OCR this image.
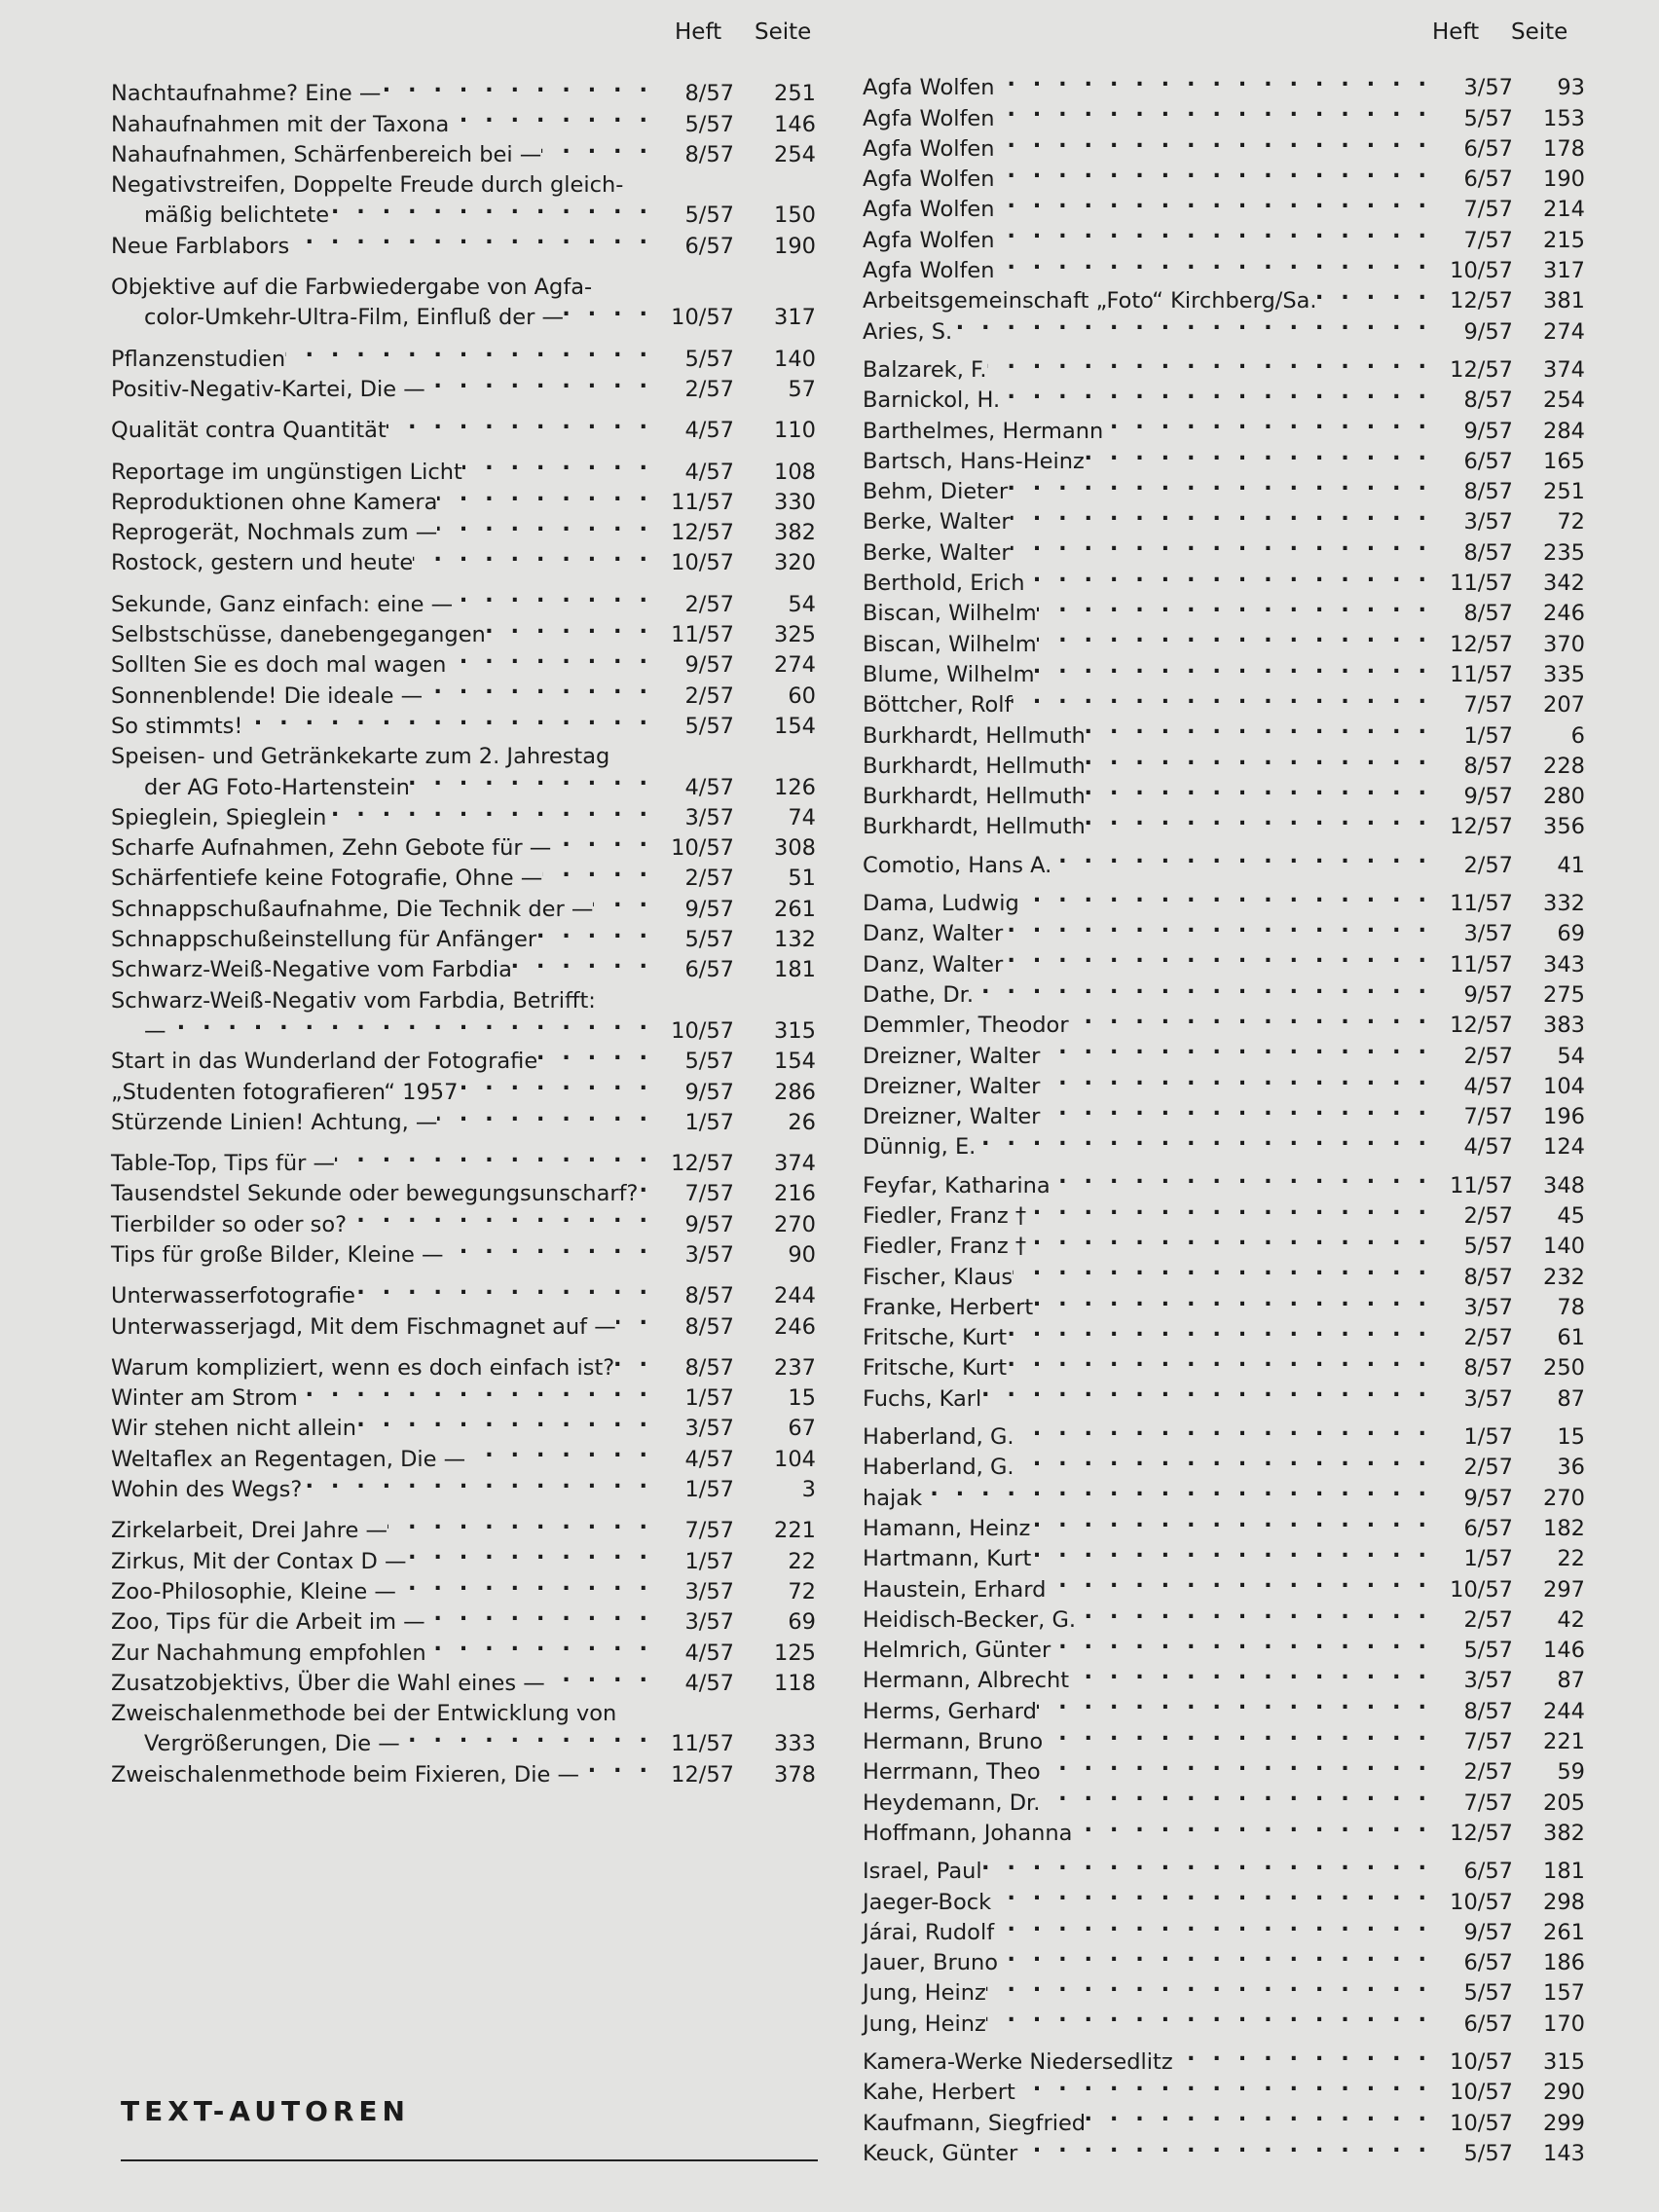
Heft Seite	Heft Seite
Nachtaufnahme? Eine — . . .	8/57	251
Nahaufnahmen mit der Taxona . . .	5/57	146
Nahaufnahmen, Schärfenbereich bei — . . .	8/57	254
Negativstreifen, Doppelte Freude durch gleich-
mäßig belichtete . . .	5/57	150
Neue Farblabors . . .	6/57	190
Objektive auf die Farbwiedergabe von Agfa-
color-Umkehr-Ultra-Film, Einfluß der — . . .	10/57	317
Pflanzenstudien . . .	5/57	140
Positiv-Negativ-Kartei, Die — . . .	2/57	57
Qualität contra Quantität . . .	4/57	110
Reportage im ungünstigen Licht . . .	4/57	108
Reproduktionen ohne Kamera . . .	11/57	330
Reprogerät, Nochmals zum — . . .	12/57	382
Rostock, gestern und heute . . .	10/57	320
Sekunde, Ganz einfach: eine — . . .	2/57	54
Selbstschüsse, danebengegangen . . .	11/57	325
Sollten Sie es doch mal wagen . . .	9/57	274
Sonnenblende! Die ideale — . . .	2/57	60
So stimmts! . . .	5/57	154
Speisen- und Getränkekarte zum 2. Jahrestag
der AG Foto-Hartenstein . . .	4/57	126
Spieglein, Spieglein . . .	3/57	74
Scharfe Aufnahmen, Zehn Gebote für — . . .	10/57	308
Schärfentiefe keine Fotografie, Ohne — . . .	2/57	51
Schnappschußaufnahme, Die Technik der — . . .	9/57	261
Schnappschußeinstellung für Anfänger . . .	5/57	132
Schwarz-Weiß-Negative vom Farbdia . . .	6/57	181
Schwarz-Weiß-Negativ vom Farbdia, Betrifft:
— . . .	10/57	315
Start in das Wunderland der Fotografie . . .	5/57	154
„Studenten fotografieren“ 1957 . . .	9/57	286
Stürzende Linien! Achtung, — . . .	1/57	26
Table-Top, Tips für — . . .	12/57	374
Tausendstel Sekunde oder bewegungsunscharf? . . .	7/57	216
Tierbilder so oder so? . . .	9/57	270
Tips für große Bilder, Kleine — . . .	3/57	90
Unterwasserfotografie . . .	8/57	244
Unterwasserjagd, Mit dem Fischmagnet auf — . . .	8/57	246
Warum kompliziert, wenn es doch einfach ist? . . .	8/57	237
Winter am Strom . . .	1/57	15
Wir stehen nicht allein . . .	3/57	67
Weltaflex an Regentagen, Die — . . .	4/57	104
Wohin des Wegs? . . .	1/57	3
Zirkelarbeit, Drei Jahre — . . .	7/57	221
Zirkus, Mit der Contax D — . . .	1/57	22
Zoo-Philosophie, Kleine — . . .	3/57	72
Zoo, Tips für die Arbeit im — . . .	3/57	69
Zur Nachahmung empfohlen . . .	4/57	125
Zusatzobjektivs, Über die Wahl eines — . . .	4/57	118
Zweischalenmethode bei der Entwicklung von
Vergrößerungen, Die — . . .	11/57	333
Zweischalenmethode beim Fixieren, Die — . . .	12/57	378
Agfa Wolfen . . .	3/57	93
Agfa Wolfen . . .	5/57	153
Agfa Wolfen . . .	6/57	178
Agfa Wolfen . . .	6/57	190
Agfa Wolfen . . .	7/57	214
Agfa Wolfen . . .	7/57	215
Agfa Wolfen . . .	10/57	317
Arbeitsgemeinschaft „Foto“ Kirchberg/Sa. . . .	12/57	381
Aries, S. . . .	9/57	274
Balzarek, F. . . .	12/57	374
Barnickol, H. . . .	8/57	254
Barthelmes, Hermann . . .	9/57	284
Bartsch, Hans-Heinz . . .	6/57	165
Behm, Dieter . . .	8/57	251
Berke, Walter . . .	3/57	72
Berke, Walter . . .	8/57	235
Berthold, Erich . . .	11/57	342
Biscan, Wilhelm . . .	8/57	246
Biscan, Wilhelm . . .	12/57	370
Blume, Wilhelm . . .	11/57	335
Böttcher, Rolf . . .	7/57	207
Burkhardt, Hellmuth . . .	1/57	6
Burkhardt, Hellmuth . . .	8/57	228
Burkhardt, Hellmuth . . .	9/57	280
Burkhardt, Hellmuth . . .	12/57	356
Comotio, Hans A. . . .	2/57	41
Dama, Ludwig . . .	11/57	332
Danz, Walter . . .	3/57	69
Danz, Walter . . .	11/57	343
Dathe, Dr. . . .	9/57	275
Demmler, Theodor . . .	12/57	383
Dreizner, Walter . . .	2/57	54
Dreizner, Walter . . .	4/57	104
Dreizner, Walter . . .	7/57	196
Dünnig, E. . . .	4/57	124
Feyfar, Katharina . . .	11/57	348
Fiedler, Franz † . . .	2/57	45
Fiedler, Franz † . . .	5/57	140
Fischer, Klaus . . .	8/57	232
Franke, Herbert . . .	3/57	78
Fritsche, Kurt . . .	2/57	61
Fritsche, Kurt . . .	8/57	250
Fuchs, Karl . . .	3/57	87
Haberland, G. . . .	1/57	15
Haberland, G. . . .	2/57	36
hajak . . .	9/57	270
Hamann, Heinz . . .	6/57	182
Hartmann, Kurt . . .	1/57	22
Haustein, Erhard . . .	10/57	297
Heidisch-Becker, G. . . .	2/57	42
Helmrich, Günter . . .	5/57	146
Hermann, Albrecht . . .	3/57	87
Herms, Gerhard . . .	8/57	244
Hermann, Bruno . . .	7/57	221
Herrmann, Theo . . .	2/57	59
Heydemann, Dr. . . .	7/57	205
Hoffmann, Johanna . . .	12/57	382
Israel, Paul . . .	6/57	181
Jaeger-Bock . . .	10/57	298
Járai, Rudolf . . .	9/57	261
Jauer, Bruno . . .	6/57	186
Jung, Heinz . . .	5/57	157
Jung, Heinz . . .	6/57	170
Kamera-Werke Niedersedlitz . . .	10/57	315
Kahe, Herbert . . .	10/57	290
Kaufmann, Siegfried . . .	10/57	299
Keuck, Günter . . .	5/57	143
TEXT-AUTOREN
